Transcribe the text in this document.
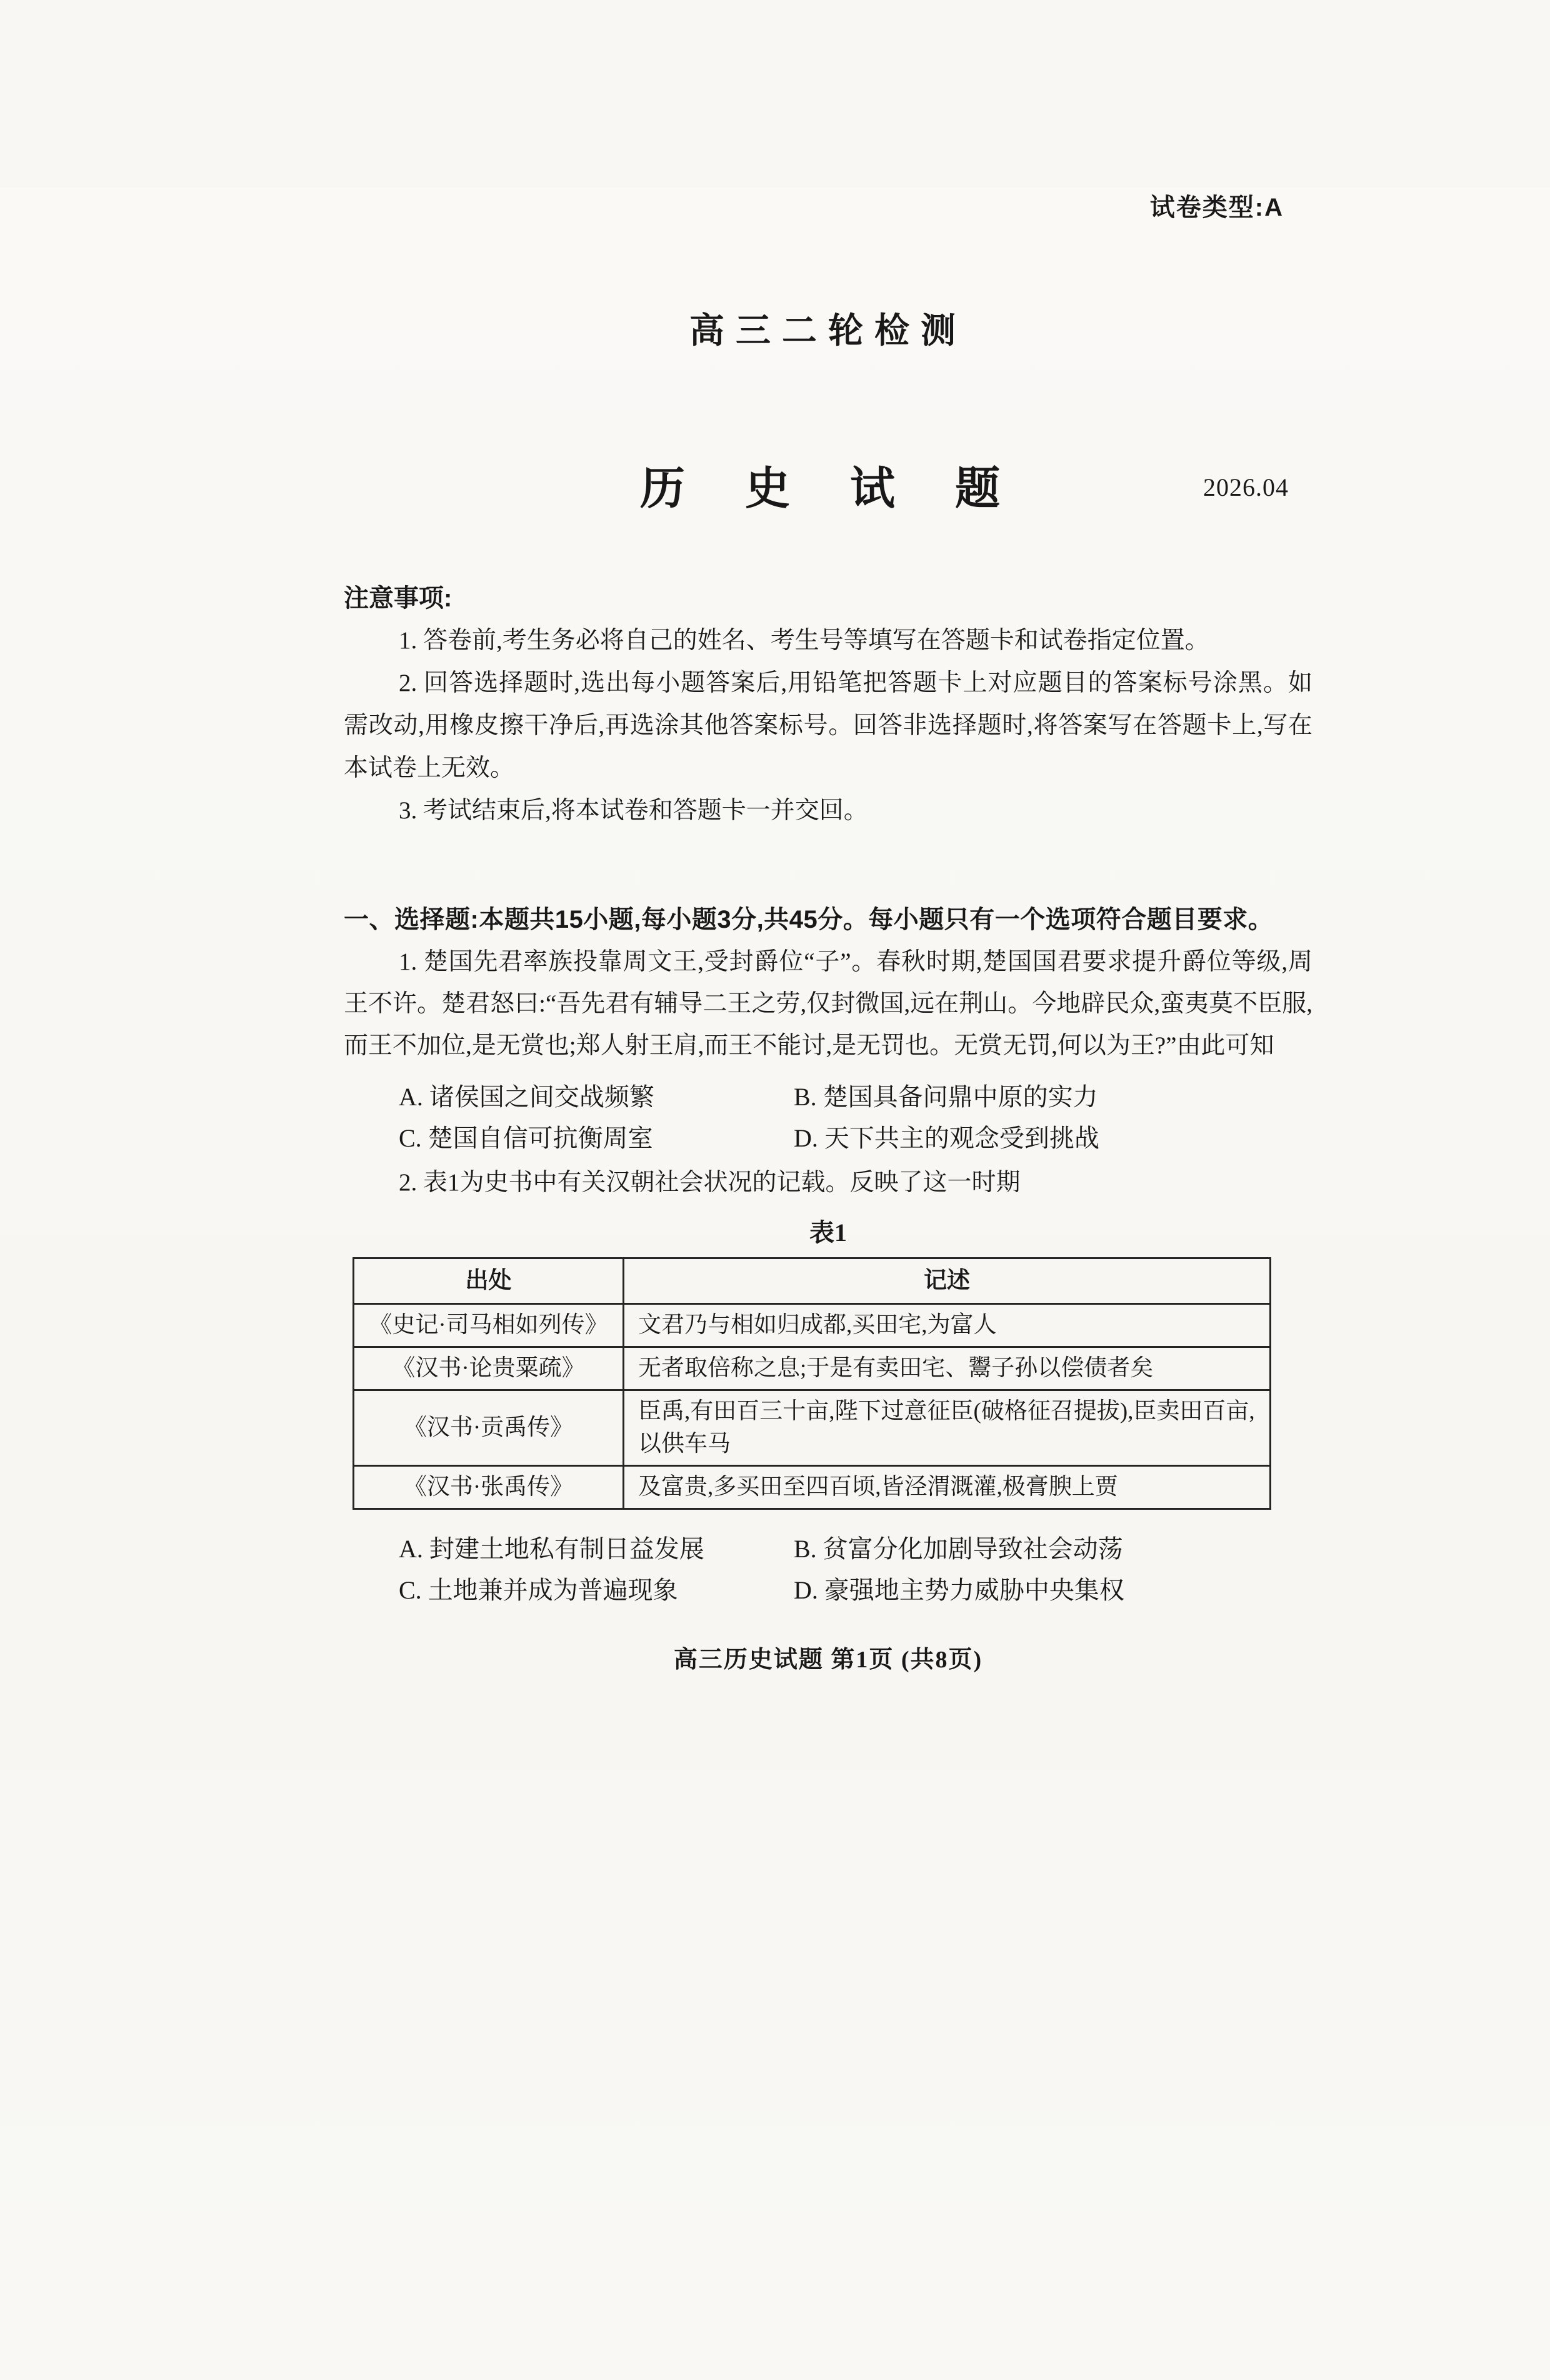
试卷类型:A
高三二轮检测
历 史 试 题	2026.04

注意事项:

1. 答卷前,考生务必将自己的姓名、考生号等填写在答题卡和试卷指定位置。

2. 回答选择题时,选出每小题答案后,用铅笔把答题卡上对应题目的答案标号涂黑。如需改动,用橡皮擦干净后,再选涂其他答案标号。回答非选择题时,将答案写在答题卡上,写在本试卷上无效。

3. 考试结束后,将本试卷和答题卡一并交回。

一、选择题:本题共15小题,每小题3分,共45分。每小题只有一个选项符合题目要求。

1. 楚国先君率族投靠周文王,受封爵位“子”。春秋时期,楚国国君要求提升爵位等级,周王不许。楚君怒曰:“吾先君有辅导二王之劳,仅封微国,远在荆山。今地辟民众,蛮夷莫不臣服,而王不加位,是无赏也;郑人射王肩,而王不能讨,是无罚也。无赏无罚,何以为王?”由此可知

A. 诸侯国之间交战频繁	B. 楚国具备问鼎中原的实力
C. 楚国自信可抗衡周室	D. 天下共主的观念受到挑战

2. 表1为史书中有关汉朝社会状况的记载。反映了这一时期

表1

出处	记述
《史记·司马相如列传》	文君乃与相如归成都,买田宅,为富人
《汉书·论贵粟疏》	无者取倍称之息;于是有卖田宅、鬻子孙以偿债者矣
《汉书·贡禹传》	臣禹,有田百三十亩,陛下过意征臣(破格征召提拔),臣卖田百亩,以供车马
《汉书·张禹传》	及富贵,多买田至四百顷,皆泾渭溉灌,极膏腴上贾
A. 封建土地私有制日益发展	B. 贫富分化加剧导致社会动荡
C. 土地兼并成为普遍现象	D. 豪强地主势力威胁中央集权

高三历史试题 第1页 (共8页)
